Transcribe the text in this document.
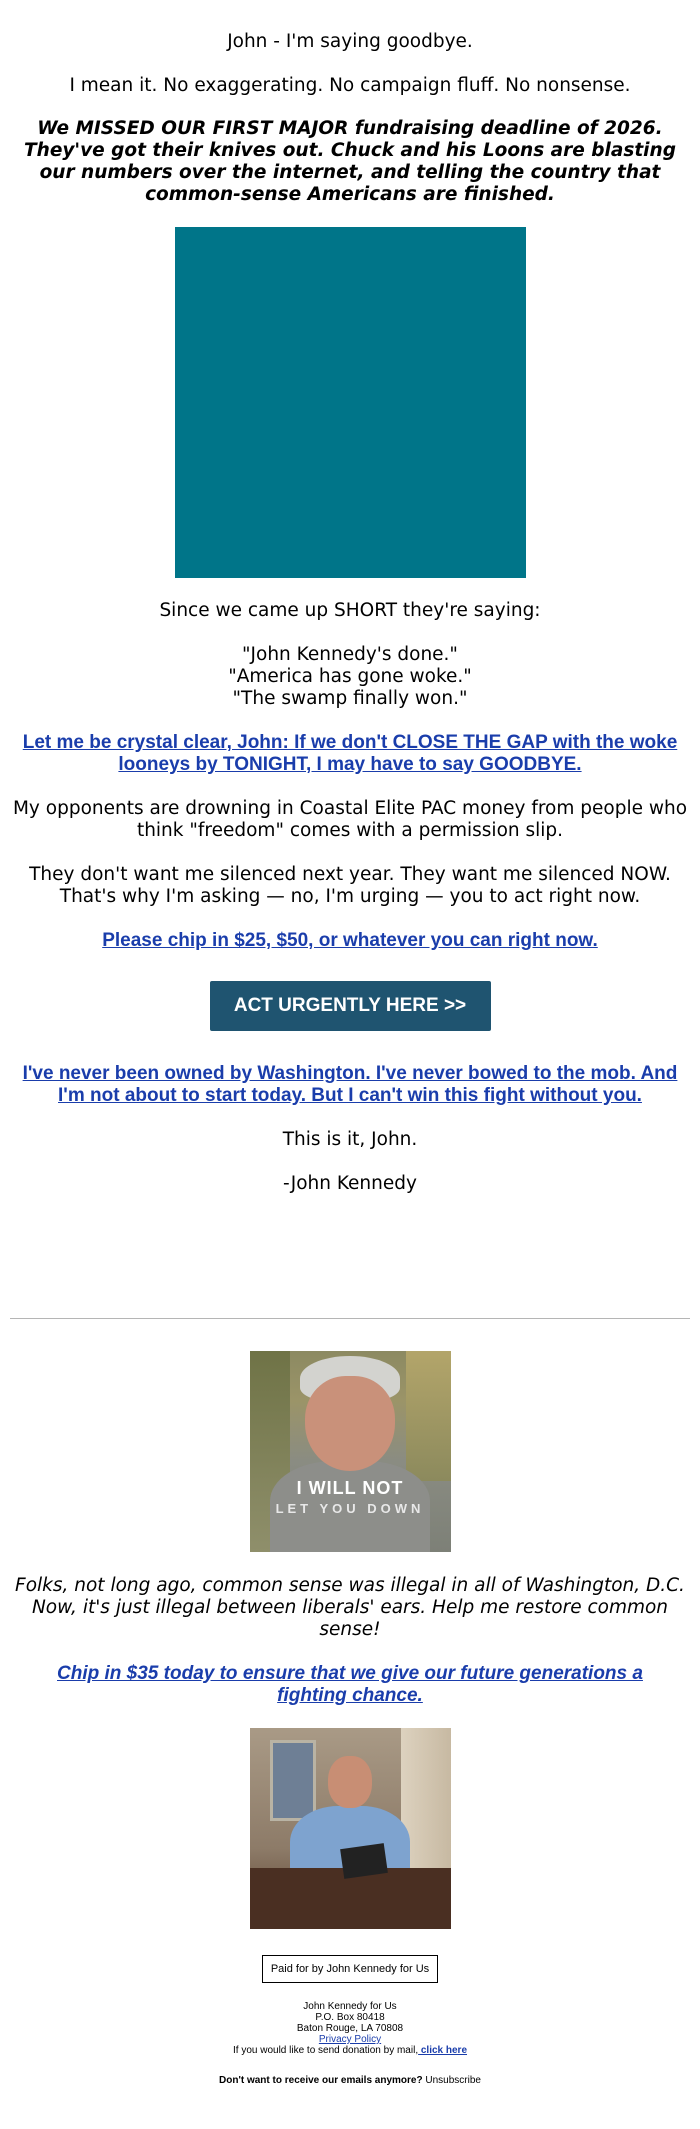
John - I'm saying goodbye.

I mean it. No exaggerating. No campaign fluff. No nonsense.

We MISSED OUR FIRST MAJOR fundraising deadline of 2026. They've got their knives out. Chuck and his Loons are blasting our numbers over the internet, and telling the country that common-sense Americans are finished.

Since we came up SHORT they're saying:

"John Kennedy's done."

"America has gone woke."

"The swamp finally won."

Let me be crystal clear, John: If we don't CLOSE THE GAP with the woke looneys by TONIGHT, I may have to say GOODBYE.

My opponents are drowning in Coastal Elite PAC money from people who think "freedom" comes with a permission slip.

They don't want me silenced next year. They want me silenced NOW. That's why I'm asking — no, I'm urging — you to act right now.

Please chip in $25, $50, or whatever you can right now.
ACT URGENTLY HERE >>
I've never been owned by Washington. I've never bowed to the mob. And I'm not about to start today. But I can't win this fight without you.

This is it, John.

-John Kennedy

I WILL NOT
LET YOU DOWN

Folks, not long ago, common sense was illegal in all of Washington, D.C. Now, it's just illegal between liberals' ears. Help me restore common sense!

Chip in $35 today to ensure that we give our future generations a fighting chance.
Paid for by John Kennedy for Us
John Kennedy for Us
P.O. Box 80418
Baton Rouge, LA 70808
Privacy Policy
If you would like to send donation by mail, click here
Don't want to receive our emails anymore? Unsubscribe
